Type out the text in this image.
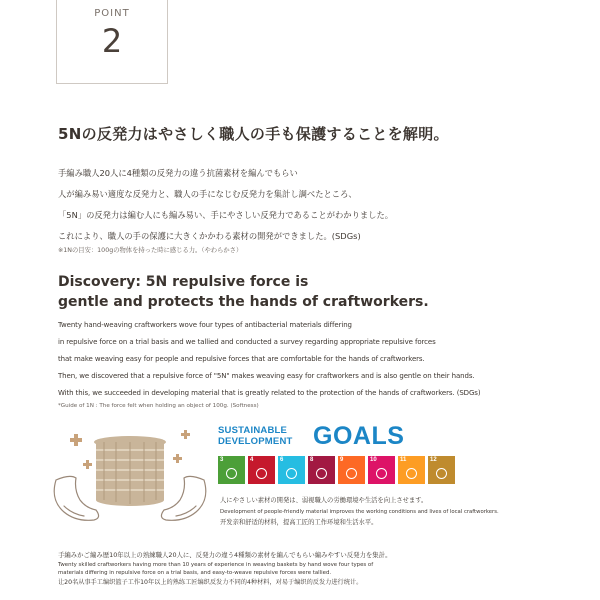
POINT
2
5Nの反発力はやさしく職人の手も保護することを解明。
手編み職人20人に4種類の反発力の違う抗菌素材を編んでもらい
人が編み易い適度な反発力と、職人の手になじむ反発力を集計し調べたところ、
「5N」の反発力は編む人にも編み易い、手にやさしい反発力であることがわかりました。
これにより、職人の手の保護に大きくかかわる素材の開発ができました。(SDGs)
※1Nの目安：100gの物体を持った時に感じる力。（やわらかさ）
Discovery: 5N repulsive force is
gentle and protects the hands of craftworkers.
Twenty hand-weaving craftworkers wove four types of antibacterial materials differing
in repulsive force on a trial basis and we tallied and conducted a survey regarding appropriate repulsive forces
that make weaving easy for people and repulsive forces that are comfortable for the hands of craftworkers.
Then, we discovered that a repulsive force of "5N" makes weaving easy for craftworkers and is also gentle on their hands.
With this, we succeeded in developing material that is greatly related to the protection of the hands of craftworkers. (SDGs)
*Guide of 1N : The force felt when holding an object of 100g. (Softness)
SUSTAINABLE
DEVELOPMENT GOALS
3	4	6	8	9	10	11	12
人にやさしい素材の開発は、弱視職人の労働環境や生活を向上させます。
Development of people-friendly material improves the working conditions and lives of local craftworkers.
开发亲和舒适的材料，提高工匠的工作环境和生活水平。
手編みかご編み歴10年以上の熟練職人20人に、反発力の違う4種類の素材を編んでもらい編みやすい反発力を集計。
Twenty skilled craftworkers having more than 10 years of experience in weaving baskets by hand wove four types of
materials differing in repulsive force on a trial basis, and easy-to-weave repulsive forces were tallied.
让20名从事手工编织篮子工作10年以上的熟练工匠编织反发力不同的4种材料，对易于编织的反发力进行统计。
